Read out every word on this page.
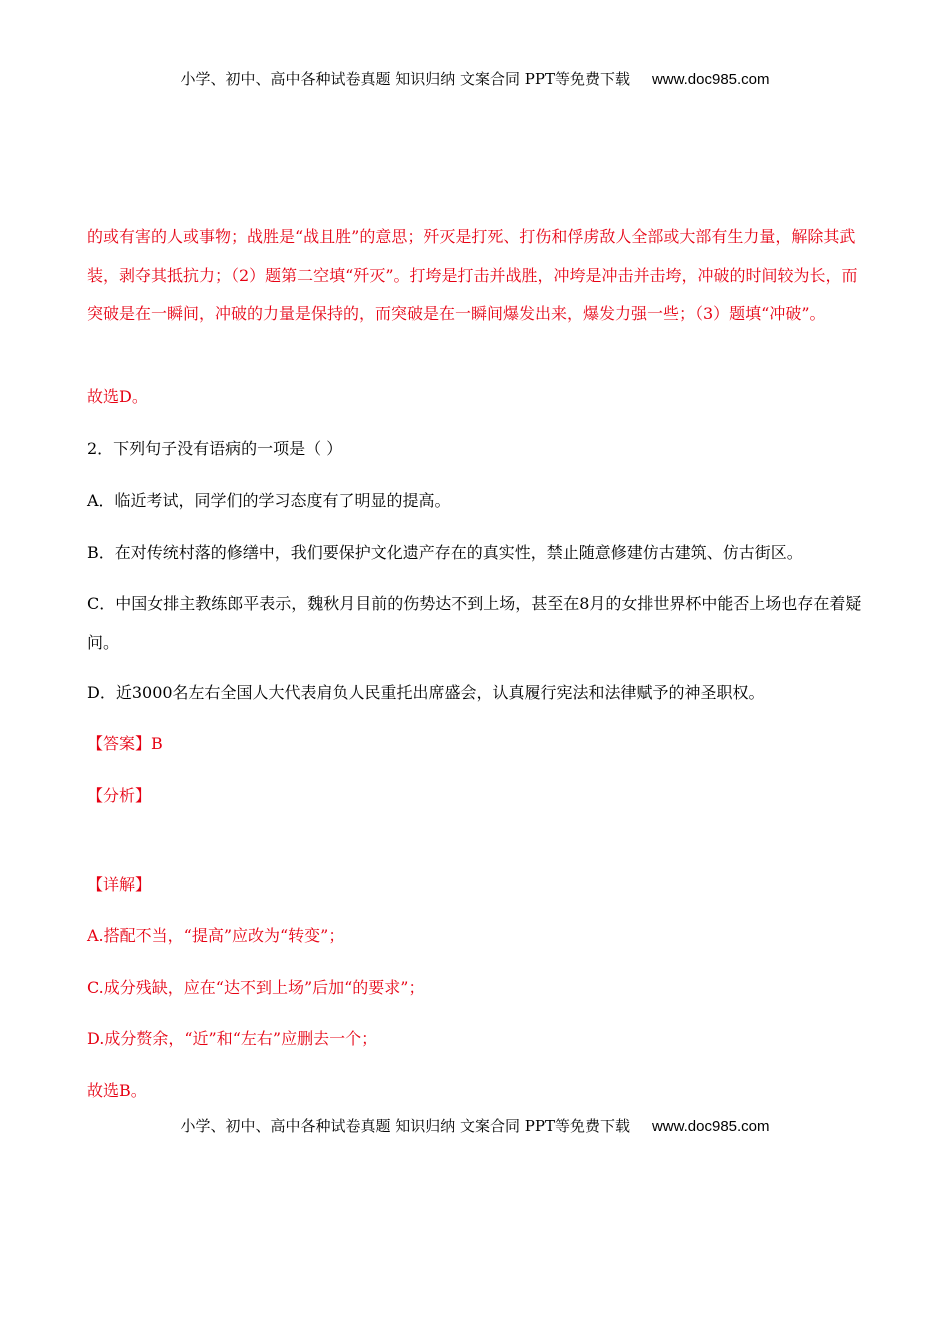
小学、初中、高中各种试卷真题 知识归纳 文案合同 PPT等免费下载 www.doc985.com

的或有害的人或事物；战胜是“战且胜”的意思；歼灭是打死、打伤和俘虏敌人全部或大部有生力量，解除其武装，剥夺其抵抗力；（2）题第二空填“歼灭”。打垮是打击并战胜，冲垮是冲击并击垮，冲破的时间较为长，而突破是在一瞬间，冲破的力量是保持的，而突破是在一瞬间爆发出来，爆发力强一些；（3）题填“冲破”。

故选D。

2．下列句子没有语病的一项是（ ）

A．临近考试，同学们的学习态度有了明显的提高。

B．在对传统村落的修缮中，我们要保护文化遗产存在的真实性，禁止随意修建仿古建筑、仿古街区。

C．中国女排主教练郎平表示，魏秋月目前的伤势达不到上场，甚至在8月的女排世界杯中能否上场也存在着疑问。

D．近3000名左右全国人大代表肩负人民重托出席盛会，认真履行宪法和法律赋予的神圣职权。

【答案】B

【分析】

【详解】

A.搭配不当，“提高”应改为“转变”；

C.成分残缺，应在“达不到上场”后加“的要求”；

D.成分赘余，“近”和“左右”应删去一个；

故选B。

小学、初中、高中各种试卷真题 知识归纳 文案合同 PPT等免费下载 www.doc985.com
